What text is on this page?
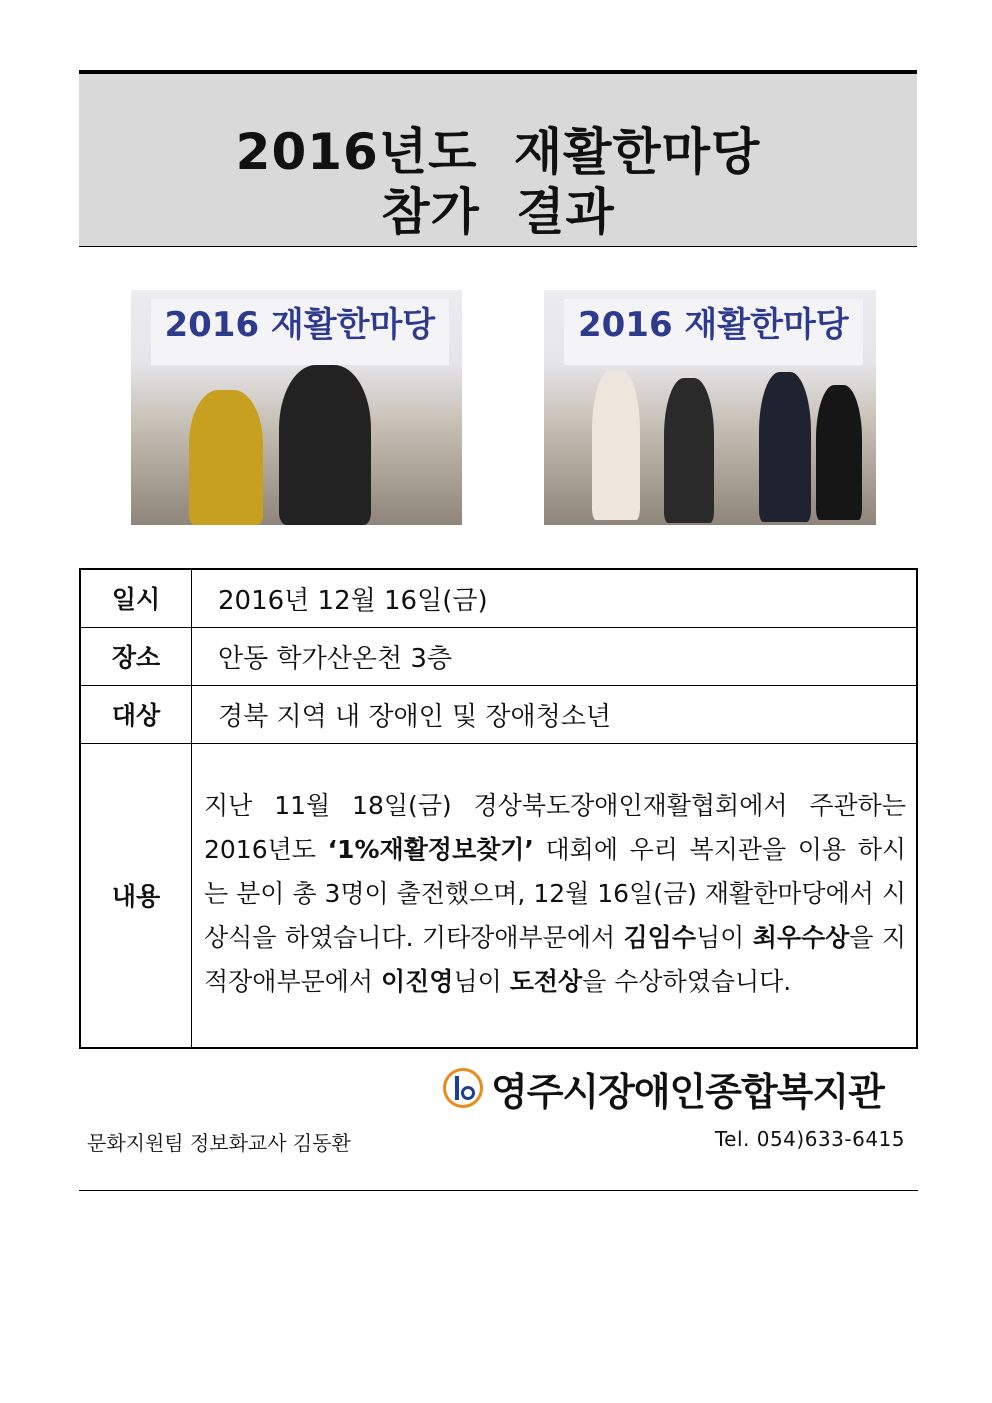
2016년도 재활한마당
참가 결과
2016 재활한마당	2016 재활한마당
일시	2016년 12월 16일(금)
장소	안동 학가산온천 3층
대상	경북 지역 내 장애인 및 장애청소년
내용	지난 11월 18일(금) 경상북도장애인재활협회에서 주관하는 2016년도 ‘1%재활정보찾기’ 대회에 우리 복지관을 이용 하시는 분이 총 3명이 출전했으며, 12월 16일(금) 재활한마당에서 시상식을 하였습니다. 기타장애부문에서 김임수님이 최우수상을 지적장애부문에서 이진영님이 도전상을 수상하였습니다.
영주시장애인종합복지관
문화지원팀 정보화교사 김동환	Tel. 054)633-6415
